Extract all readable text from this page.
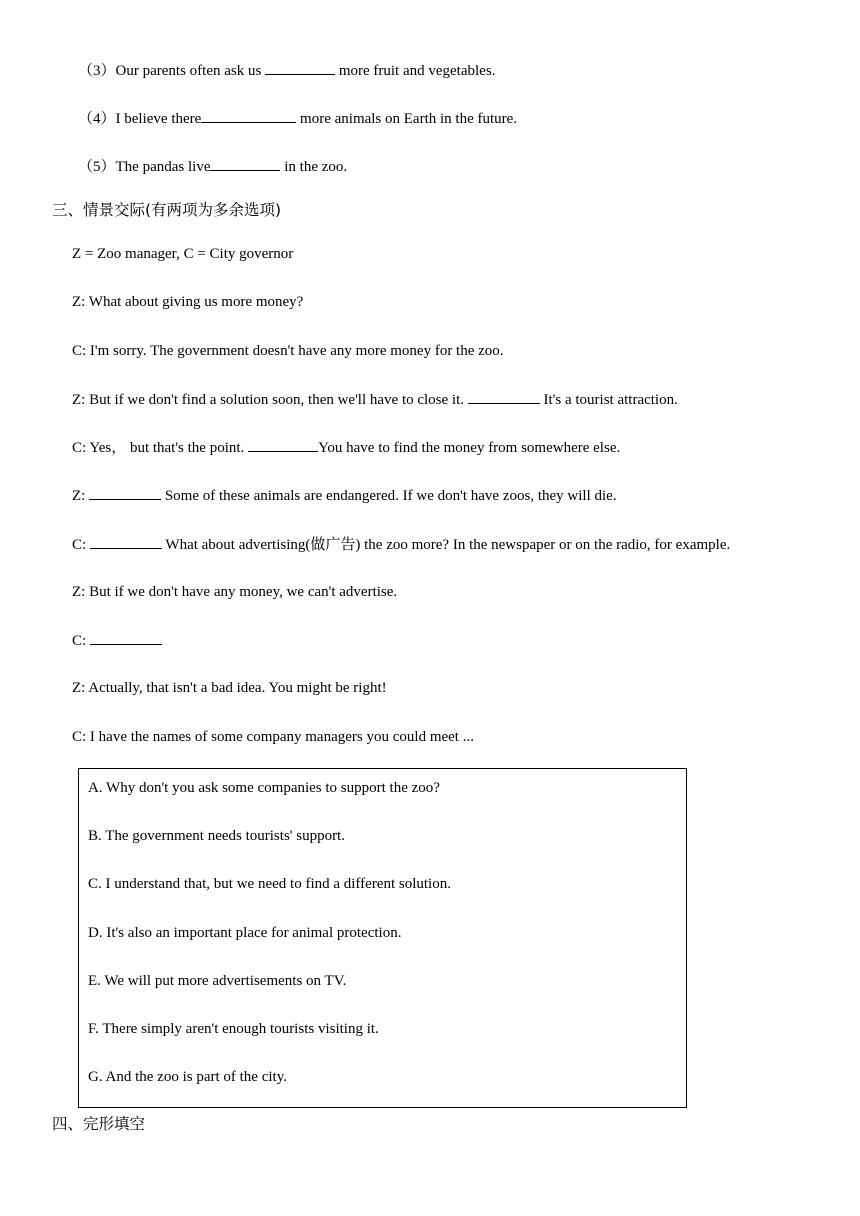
（3）Our parents often ask us	more fruit and vegetables.
（4）I believe there	more animals on Earth in the future.
（5）The pandas live	in the zoo.
三、情景交际(有两项为多余选项)
Z = Zoo manager, C = City governor
Z: What about giving us more money?
C: I'm sorry. The government doesn't have any more money for the zoo.
Z: But if we don't find a solution soon, then we'll have to close it.	It's a tourist attraction.
C: Yes， but that's the point.	You have to find the money from somewhere else.
Z:	Some of these animals are endangered. If we don't have zoos, they will die.
C:	What about advertising(做广告) the zoo more? In the newspaper or on the radio, for example.
Z: But if we don't have any money, we can't advertise.
C:
Z: Actually, that isn't a bad idea. You might be right!
C: I have the names of some company managers you could meet ...
A. Why don't you ask some companies to support the zoo?
B. The government needs tourists' support.
C. I understand that, but we need to find a different solution.
D. It's also an important place for animal protection.
E. We will put more advertisements on TV.
F. There simply aren't enough tourists visiting it.
G. And the zoo is part of the city.
四、完形填空
